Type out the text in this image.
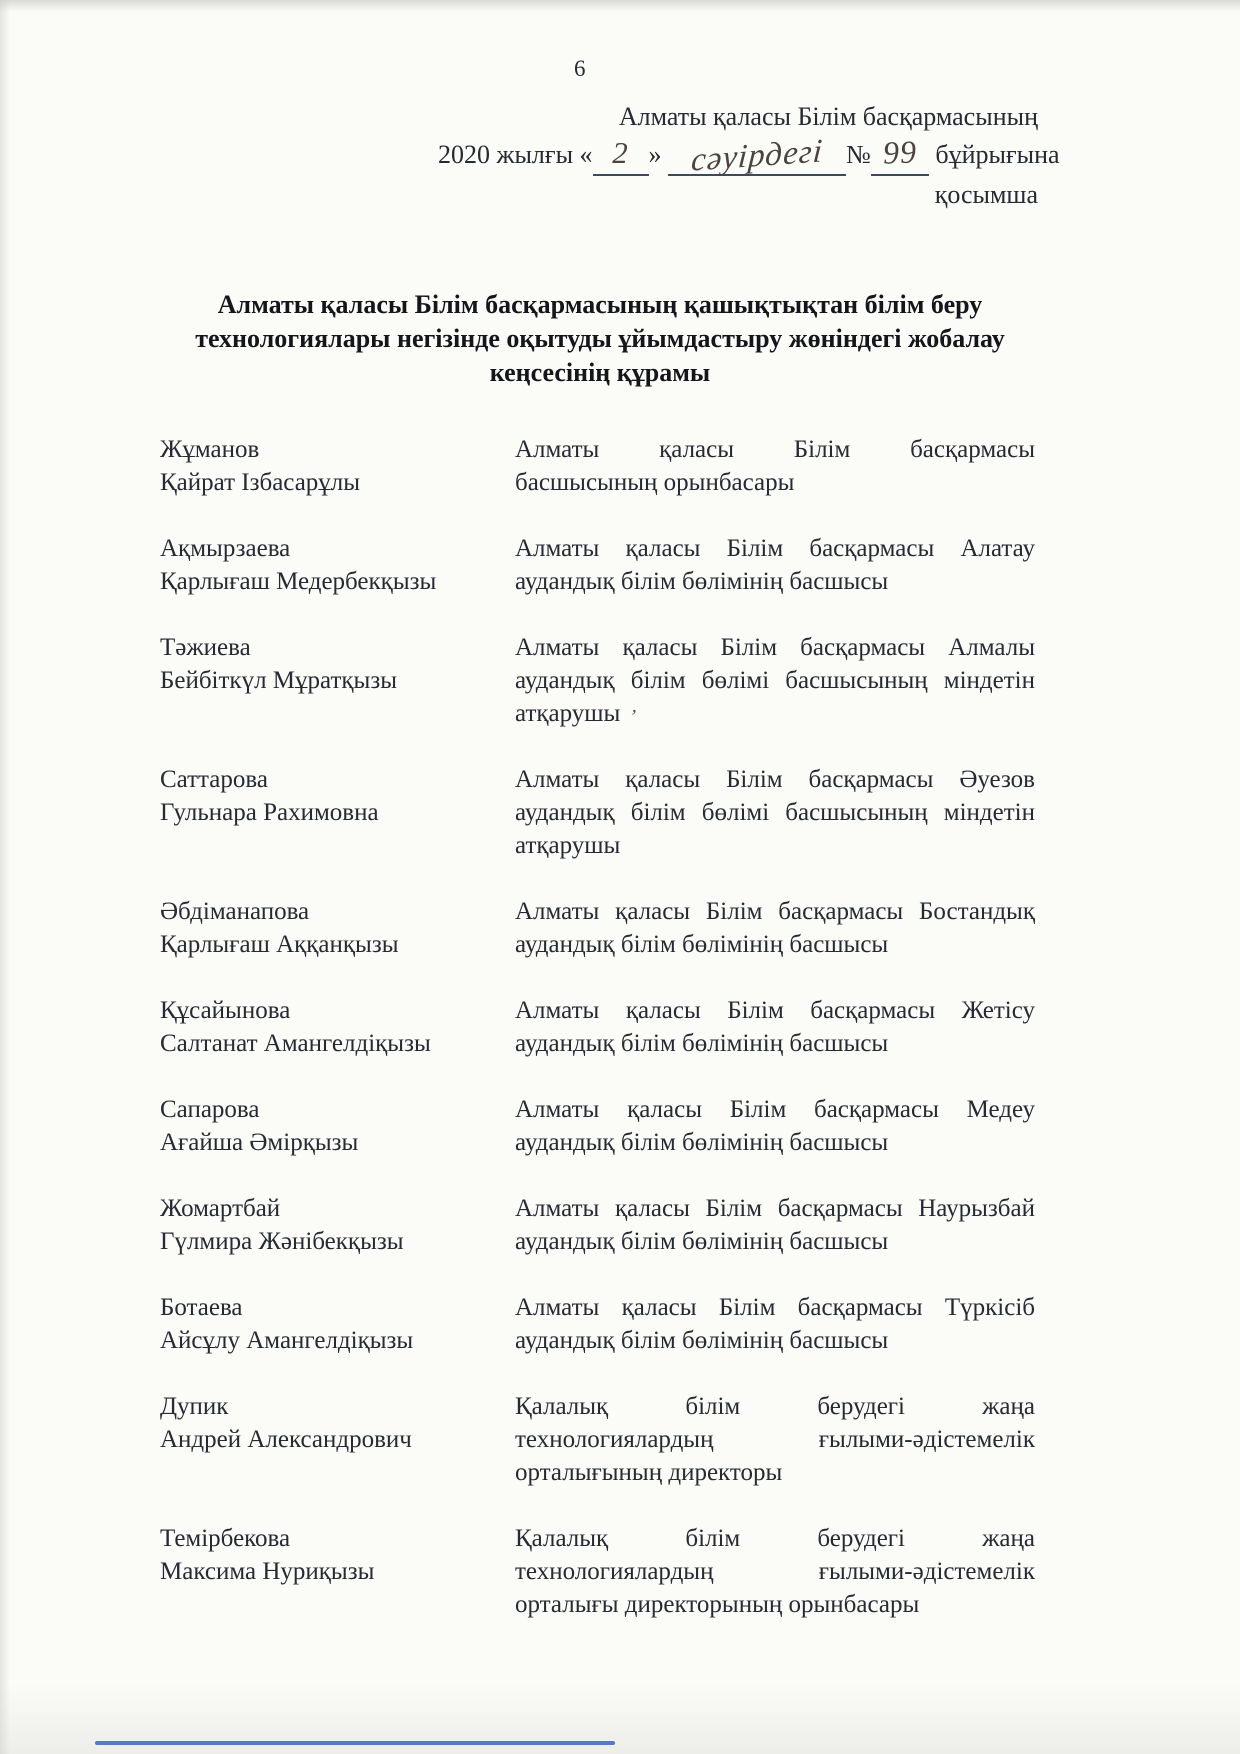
’
6
Алматы қаласы Білім басқармасының
2020 жылғы « 2 » сәуірдегі № 99 бұйрығына
қосымша
Алматы қаласы Білім басқармасының қашықтықтан білім беру
технологиялары негізінде оқытуды ұйымдастыру жөніндегі жобалау
кеңсесінің құрамы
Жұманов
Қайрат Ізбасарұлы
Алматы қаласы Білім басқармасы
басшысының орынбасары
Ақмырзаева
Қарлығаш Медербекқызы
Алматы қаласы Білім басқармасы Алатау
аудандық білім бөлімінің басшысы
Тәжиева
Бейбіткүл Мұратқызы
Алматы қаласы Білім басқармасы Алмалы
аудандық білім бөлімі басшысының міндетін
атқарушы
Саттарова
Гульнара Рахимовна
Алматы қаласы Білім басқармасы Әуезов
аудандық білім бөлімі басшысының міндетін
атқарушы
Әбдіманапова
Қарлығаш Аққанқызы
Алматы қаласы Білім басқармасы Бостандық
аудандық білім бөлімінің басшысы
Құсайынова
Салтанат Амангелдіқызы
Алматы қаласы Білім басқармасы Жетісу
аудандық білім бөлімінің басшысы
Сапарова
Ағайша Әмірқызы
Алматы қаласы Білім басқармасы Медеу
аудандық білім бөлімінің басшысы
Жомартбай
Гүлмира Жәнібекқызы
Алматы қаласы Білім басқармасы Наурызбай
аудандық білім бөлімінің басшысы
Ботаева
Айсұлу Амангелдіқызы
Алматы қаласы Білім басқармасы Түркісіб
аудандық білім бөлімінің басшысы
Дупик
Андрей Александрович
Қалалық білім берудегі жаңа
технологиялардың ғылыми-әдістемелік
орталығының директоры
Темірбекова
Максима Нуриқызы
Қалалық білім берудегі жаңа
технологиялардың ғылыми-әдістемелік
орталығы директорының орынбасары
